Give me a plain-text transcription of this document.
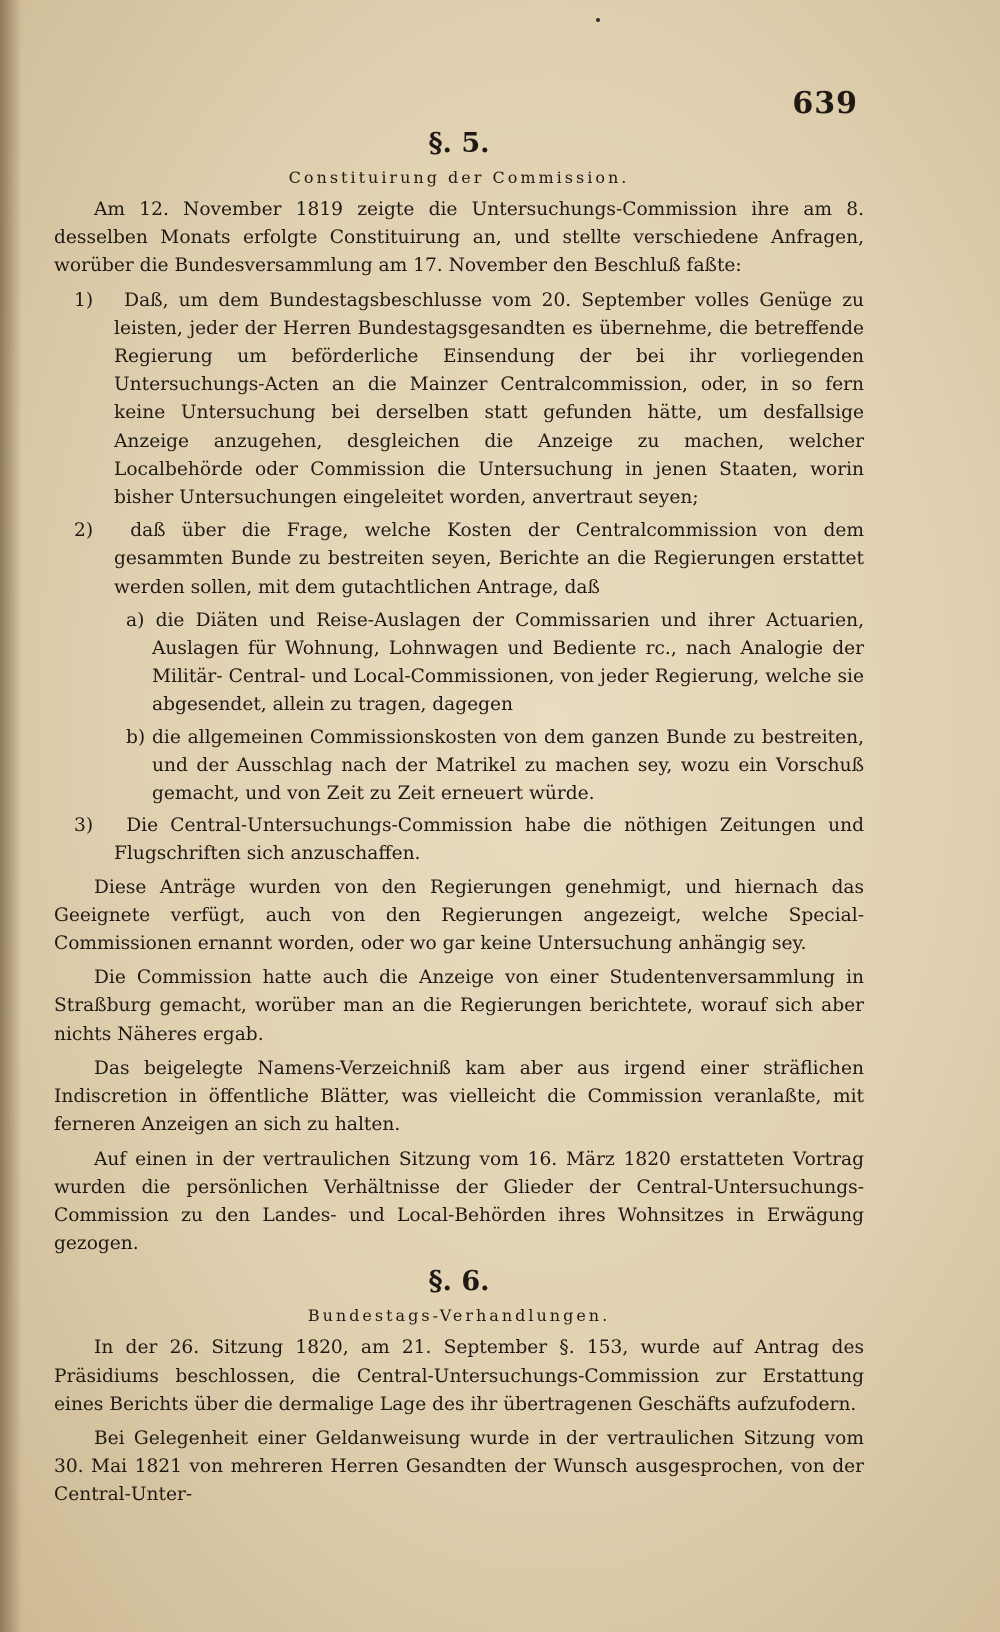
639
§. 5.
Constituirung der Commission.

Am 12. November 1819 zeigte die Untersuchungs-Commission ihre am 8. desselben Monats erfolgte Constituirung an, und stellte verschiedene Anfragen, worüber die Bundesversammlung am 17. November den Beschluß faßte:

1) Daß, um dem Bundestagsbeschlusse vom 20. September volles Genüge zu leisten, jeder der Herren Bundestagsgesandten es übernehme, die betreffende Regierung um beförderliche Einsendung der bei ihr vorliegenden Untersuchungs-Acten an die Mainzer Centralcommission, oder, in so fern keine Untersuchung bei derselben statt gefunden hätte, um desfallsige Anzeige anzugehen, desgleichen die Anzeige zu machen, welcher Localbehörde oder Commission die Untersuchung in jenen Staaten, worin bisher Untersuchungen eingeleitet worden, anvertraut seyen;
2) daß über die Frage, welche Kosten der Centralcommission von dem gesammten Bunde zu bestreiten seyen, Berichte an die Regierungen erstattet werden sollen, mit dem gutachtlichen Antrage, daß
a) die Diäten und Reise-Auslagen der Commissarien und ihrer Actuarien, Auslagen für Wohnung, Lohnwagen und Bediente rc., nach Analogie der Militär- Central- und Local-Commissionen, von jeder Regierung, welche sie abgesendet, allein zu tragen, dagegen
b) die allgemeinen Commissionskosten von dem ganzen Bunde zu bestreiten, und der Ausschlag nach der Matrikel zu machen sey, wozu ein Vorschuß gemacht, und von Zeit zu Zeit erneuert würde.
3) Die Central-Untersuchungs-Commission habe die nöthigen Zeitungen und Flugschriften sich anzuschaffen.

Diese Anträge wurden von den Regierungen genehmigt, und hiernach das Geeignete verfügt, auch von den Regierungen angezeigt, welche Special-Commissionen ernannt worden, oder wo gar keine Untersuchung anhängig sey.

Die Commission hatte auch die Anzeige von einer Studentenversammlung in Straßburg gemacht, worüber man an die Regierungen berichtete, worauf sich aber nichts Näheres ergab.

Das beigelegte Namens-Verzeichniß kam aber aus irgend einer sträflichen Indiscretion in öffentliche Blätter, was vielleicht die Commission veranlaßte, mit ferneren Anzeigen an sich zu halten.

Auf einen in der vertraulichen Sitzung vom 16. März 1820 erstatteten Vortrag wurden die persönlichen Verhältnisse der Glieder der Central-Untersuchungs-Commission zu den Landes- und Local-Behörden ihres Wohnsitzes in Erwägung gezogen.

§. 6.
Bundestags-Verhandlungen.

In der 26. Sitzung 1820, am 21. September §. 153, wurde auf Antrag des Präsidiums beschlossen, die Central-Untersuchungs-Commission zur Erstattung eines Berichts über die dermalige Lage des ihr übertragenen Geschäfts aufzufodern.

Bei Gelegenheit einer Geldanweisung wurde in der vertraulichen Sitzung vom 30. Mai 1821 von mehreren Herren Gesandten der Wunsch ausgesprochen, von der Central-Unter-
